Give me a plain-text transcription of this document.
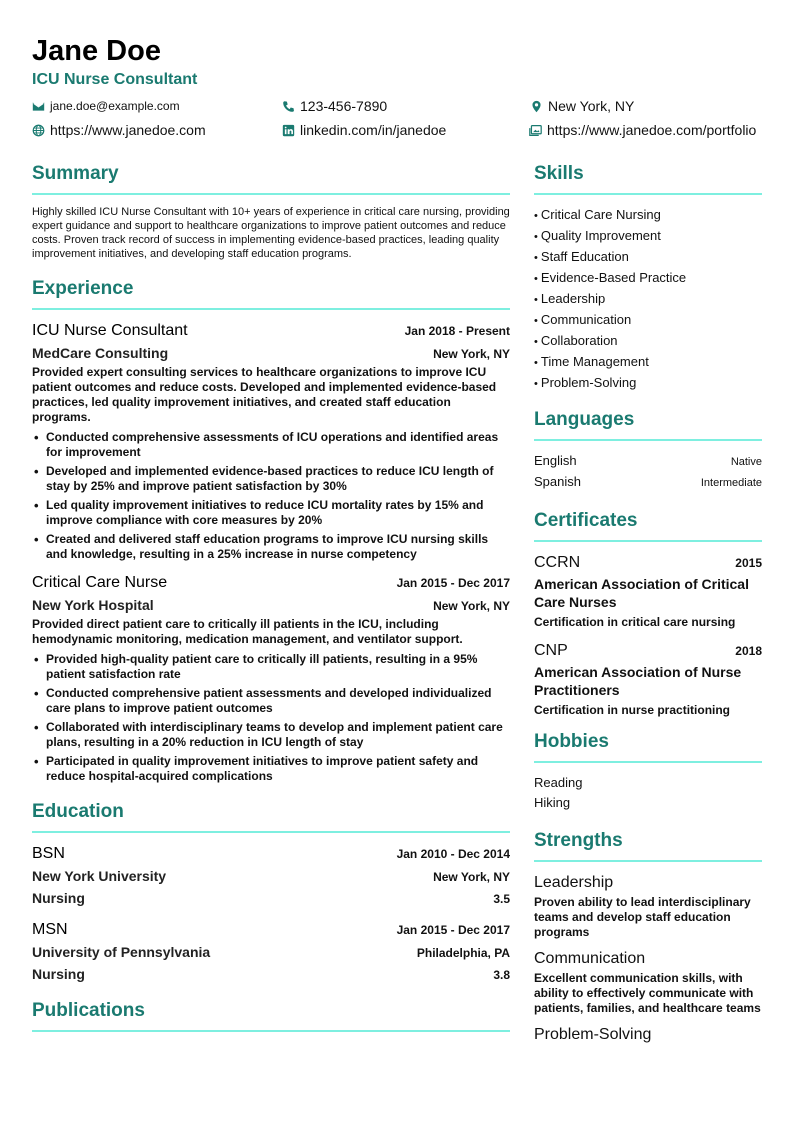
Jane Doe
ICU Nurse Consultant
jane.doe@example.com	123-456-7890	New York, NY
https://www.janedoe.com	linkedin.com/in/janedoe	https://www.janedoe.com/portfolio
Summary
Highly skilled ICU Nurse Consultant with 10+ years of experience in critical care nursing, providing expert guidance and support to healthcare organizations to improve patient outcomes and reduce costs. Proven track record of success in implementing evidence-based practices, leading quality improvement initiatives, and developing staff education programs.
Experience
ICU Nurse Consultant	Jan 2018 - Present
MedCare Consulting	New York, NY
Provided expert consulting services to healthcare organizations to improve ICU patient outcomes and reduce costs. Developed and implemented evidence-based practices, led quality improvement initiatives, and created staff education programs.
• Conducted comprehensive assessments of ICU operations and identified areas for improvement
• Developed and implemented evidence-based practices to reduce ICU length of stay by 25% and improve patient satisfaction by 30%
• Led quality improvement initiatives to reduce ICU mortality rates by 15% and improve compliance with core measures by 20%
• Created and delivered staff education programs to improve ICU nursing skills and knowledge, resulting in a 25% increase in nurse competency
Critical Care Nurse	Jan 2015 - Dec 2017
New York Hospital	New York, NY
Provided direct patient care to critically ill patients in the ICU, including hemodynamic monitoring, medication management, and ventilator support.
• Provided high-quality patient care to critically ill patients, resulting in a 95% patient satisfaction rate
• Conducted comprehensive patient assessments and developed individualized care plans to improve patient outcomes
• Collaborated with interdisciplinary teams to develop and implement patient care plans, resulting in a 20% reduction in ICU length of stay
• Participated in quality improvement initiatives to improve patient safety and reduce hospital-acquired complications
Education
BSN	Jan 2010 - Dec 2014
New York University	New York, NY
Nursing	3.5
MSN	Jan 2015 - Dec 2017
University of Pennsylvania	Philadelphia, PA
Nursing	3.8
Publications
Skills
• Critical Care Nursing
• Quality Improvement
• Staff Education
• Evidence-Based Practice
• Leadership
• Communication
• Collaboration
• Time Management
• Problem-Solving
Languages
English	Native
Spanish	Intermediate
Certificates
CCRN	2015
American Association of Critical Care Nurses
Certification in critical care nursing
CNP	2018
American Association of Nurse Practitioners
Certification in nurse practitioning
Hobbies
Reading
Hiking
Strengths
Leadership
Proven ability to lead interdisciplinary teams and develop staff education programs
Communication
Excellent communication skills, with ability to effectively communicate with patients, families, and healthcare teams
Problem-Solving
